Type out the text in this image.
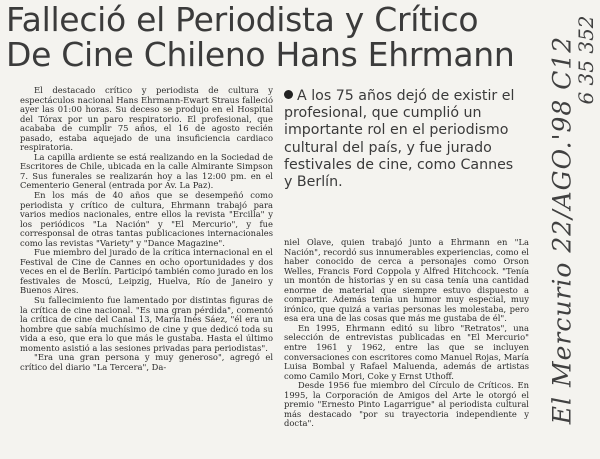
Falleció el Periodista y Crítico
De Cine Chileno Hans Ehrmann

El destacado crítico y periodista de cultura y espectáculos nacional Hans Ehrmann-Ewart Straus falleció ayer las 01:00 horas. Su deceso se produjo en el Hospital del Tórax por un paro respiratorio. El profesional, que acababa de cumplir 75 años, el 16 de agosto recién pasado, estaba aquejado de una insuficiencia cardiaco respiratoria.

La capilla ardiente se está realizando en la Sociedad de Escritores de Chile, ubicada en la calle Almirante Simpson 7. Sus funerales se realizarán hoy a las 12:00 pm. en el Cementerio General (entrada por Av. La Paz).

En los más de 40 años que se desempeñó como periodista y crítico de cultura, Ehrmann trabajó para varios medios nacionales, entre ellos la revista "Ercilla" y los periódicos "La Nación" y "El Mercurio", y fue corresponsal de otras tantas publicaciones internacionales como las revistas "Variety" y "Dance Magazine".

Fue miembro del jurado de la crítica internacional en el Festival de Cine de Cannes en ocho oportunidades y dos veces en el de Berlín. Participó también como jurado en los festivales de Moscú, Leipzig, Huelva, Río de Janeiro y Buenos Aires.

Su fallecimiento fue lamentado por distintas figuras de la crítica de cine nacional. "Es una gran pérdida", comentó la crítica de cine del Canal 13, María Inés Sáez, "él era un hombre que sabía muchísimo de cine y que dedicó toda su vida a eso, que era lo que más le gustaba. Hasta el último momento asistió a las sesiones privadas para periodistas".

"Era una gran persona y muy generoso", agregó el crítico del diario "La Tercera", Da-

A los 75 años dejó de existir el profesional, que cumplió un importante rol en el periodismo cultural del país, y fue jurado festivales de cine, como Cannes y Berlín.

niel Olave, quien trabajó junto a Ehrmann en "La Nación", recordó sus innumerables experiencias, como el haber conocido de cerca a personajes como Orson Welles, Francis Ford Coppola y Alfred Hitchcock. "Tenía un montón de historias y en su casa tenía una cantidad enorme de material que siempre estuvo dispuesto a compartir. Además tenía un humor muy especial, muy irónico, que quizá a varias personas les molestaba, pero esa era una de las cosas que más me gustaba de él".

En 1995, Ehrmann editó su libro "Retratos", una selección de entrevistas publicadas en "El Mercurio" entre 1961 y 1962, entre las que se incluyen conversaciones con escritores como Manuel Rojas, María Luisa Bombal y Rafael Maluenda, además de artistas como Camilo Mori, Coke y Ernst Uthoff.

Desde 1956 fue miembro del Círculo de Críticos. En 1995, la Corporación de Amigos del Arte le otorgó el premio "Ernesto Pinto Lagarrigue" al periodista cultural más destacado "por su trayectoria independiente y docta".	El Mercurio 22/AGO.'98 C12
6 35 352
